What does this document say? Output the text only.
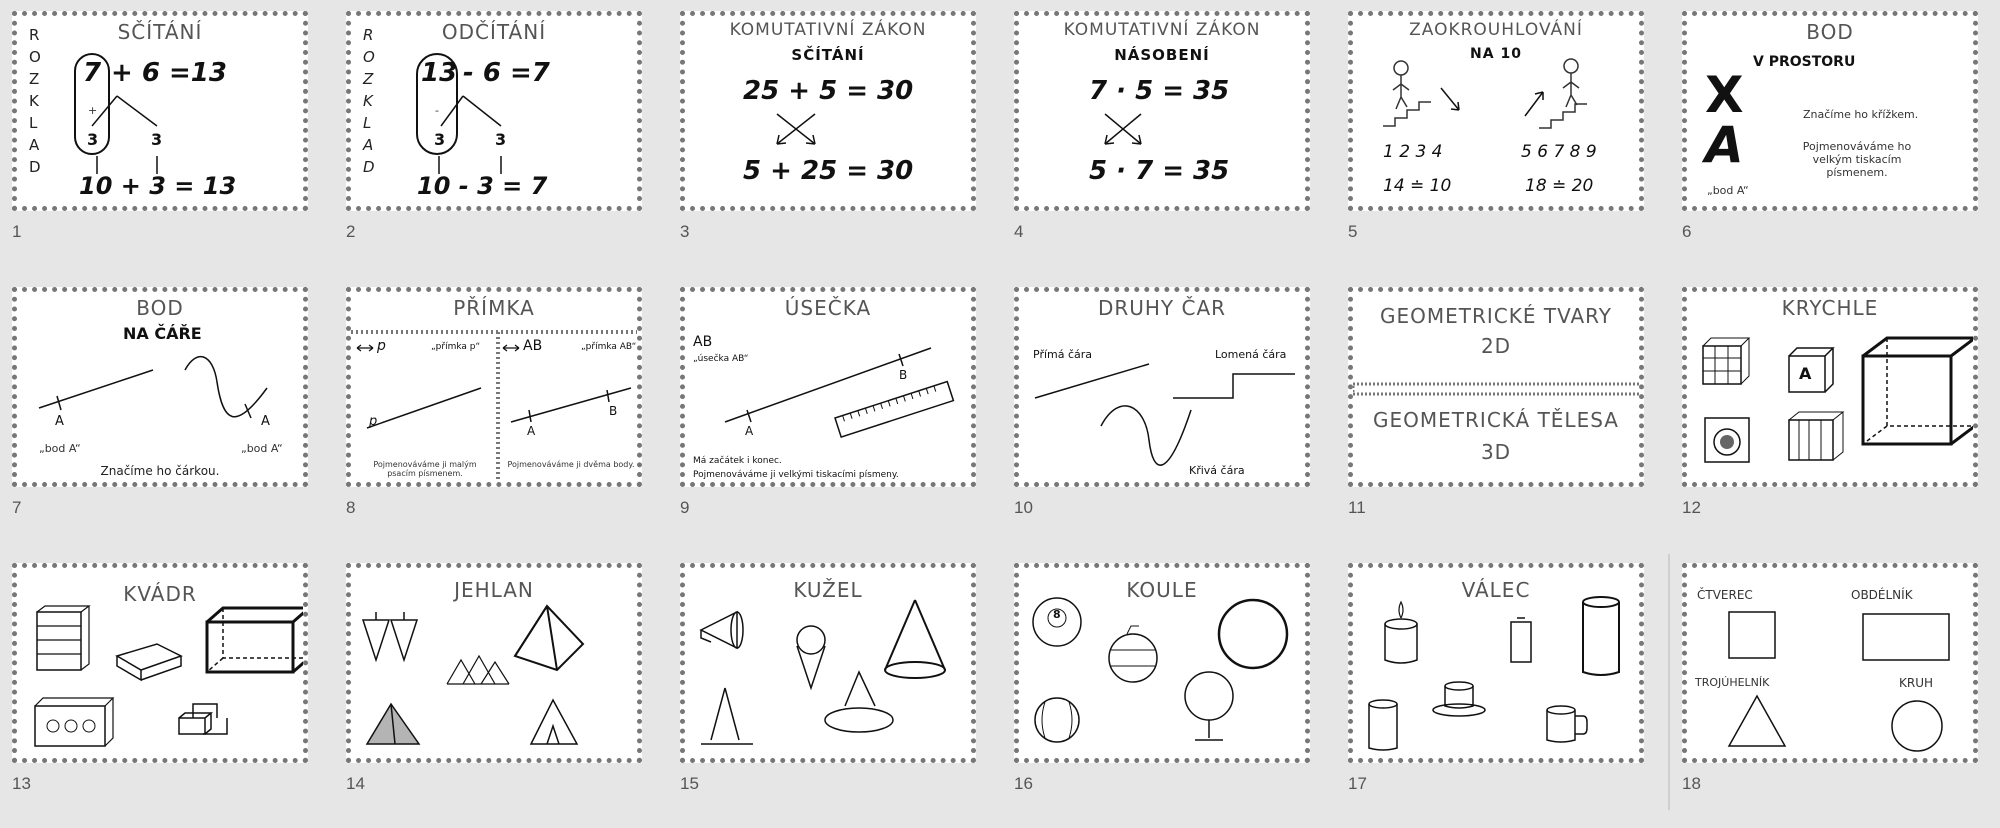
SČÍTÁNÍ
R
O
Z
K
L
A
D
7 + 6 =13
+
3	3
10 + 3 = 13
1
ODČÍTÁNÍ
R
O
Z
K
L
A
D
13 - 6 =7
-
3	3
10 - 3 = 7
2
KOMUTATIVNÍ ZÁKON
SČÍTÁNÍ
25 + 5 = 30
5 + 25 = 30
3
KOMUTATIVNÍ ZÁKON
NÁSOBENÍ
7 · 5 = 35
5 · 7 = 35
4
ZAOKROUHLOVÁNÍ
NA 10
1 2 3 4	5 6 7 8 9
14 ≐ 10	18 ≐ 20
5
BOD
V PROSTORU
X
A
Značíme ho křížkem.
Pojmenováváme ho velkým tiskacím písmenem.
„bod A“
6
BOD
NA ČÁŘE
A	A
„bod A“	„bod A“
Značíme ho čárkou.
7
PŘÍMKA
p	AB
„přímka p“	„přímka AB“
p
A
B
Pojmenováváme ji malým psacím písmenem.
Pojmenováváme ji dvěma body.
8
ÚSEČKA
AB
„úsečka AB“
A
B
Má začátek i konec.
Pojmenováváme ji velkými tiskacími písmeny.
9
DRUHY ČAR
Přímá čára	Lomená čára
Křivá čára
10
GEOMETRICKÉ TVARY
2D
GEOMETRICKÁ TĚLESA
3D
11
KRYCHLE
A
12
KVÁDR
13
JEHLAN
14
KUŽEL
15
KOULE
8
16
VÁLEC
17
ČTVEREC	OBDÉLNÍK
TROJÚHELNÍK	KRUH
18
